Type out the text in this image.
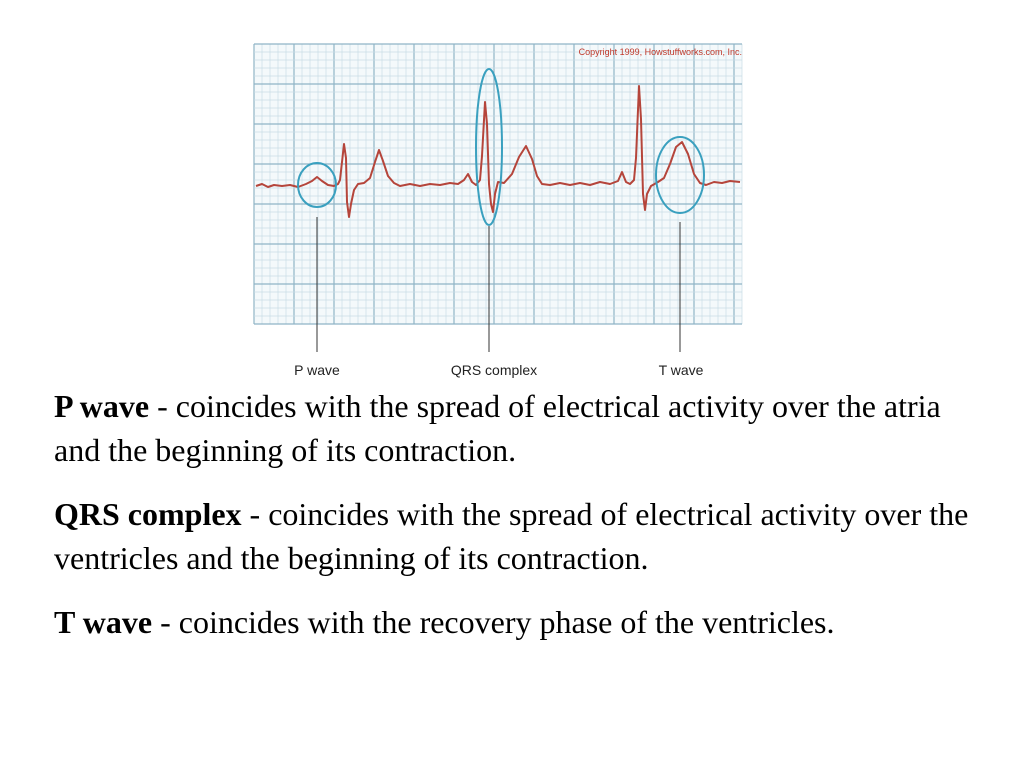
Copyright 1999, Howstuffworks.com, Inc.
P wave	QRS complex	T wave

P wave - coincides with the spread of electrical activity over the atria and the beginning of its contraction.

QRS complex - coincides with the spread of electrical activity over the ventricles and the beginning of its contraction.

T wave - coincides with the recovery phase of the ventricles.
